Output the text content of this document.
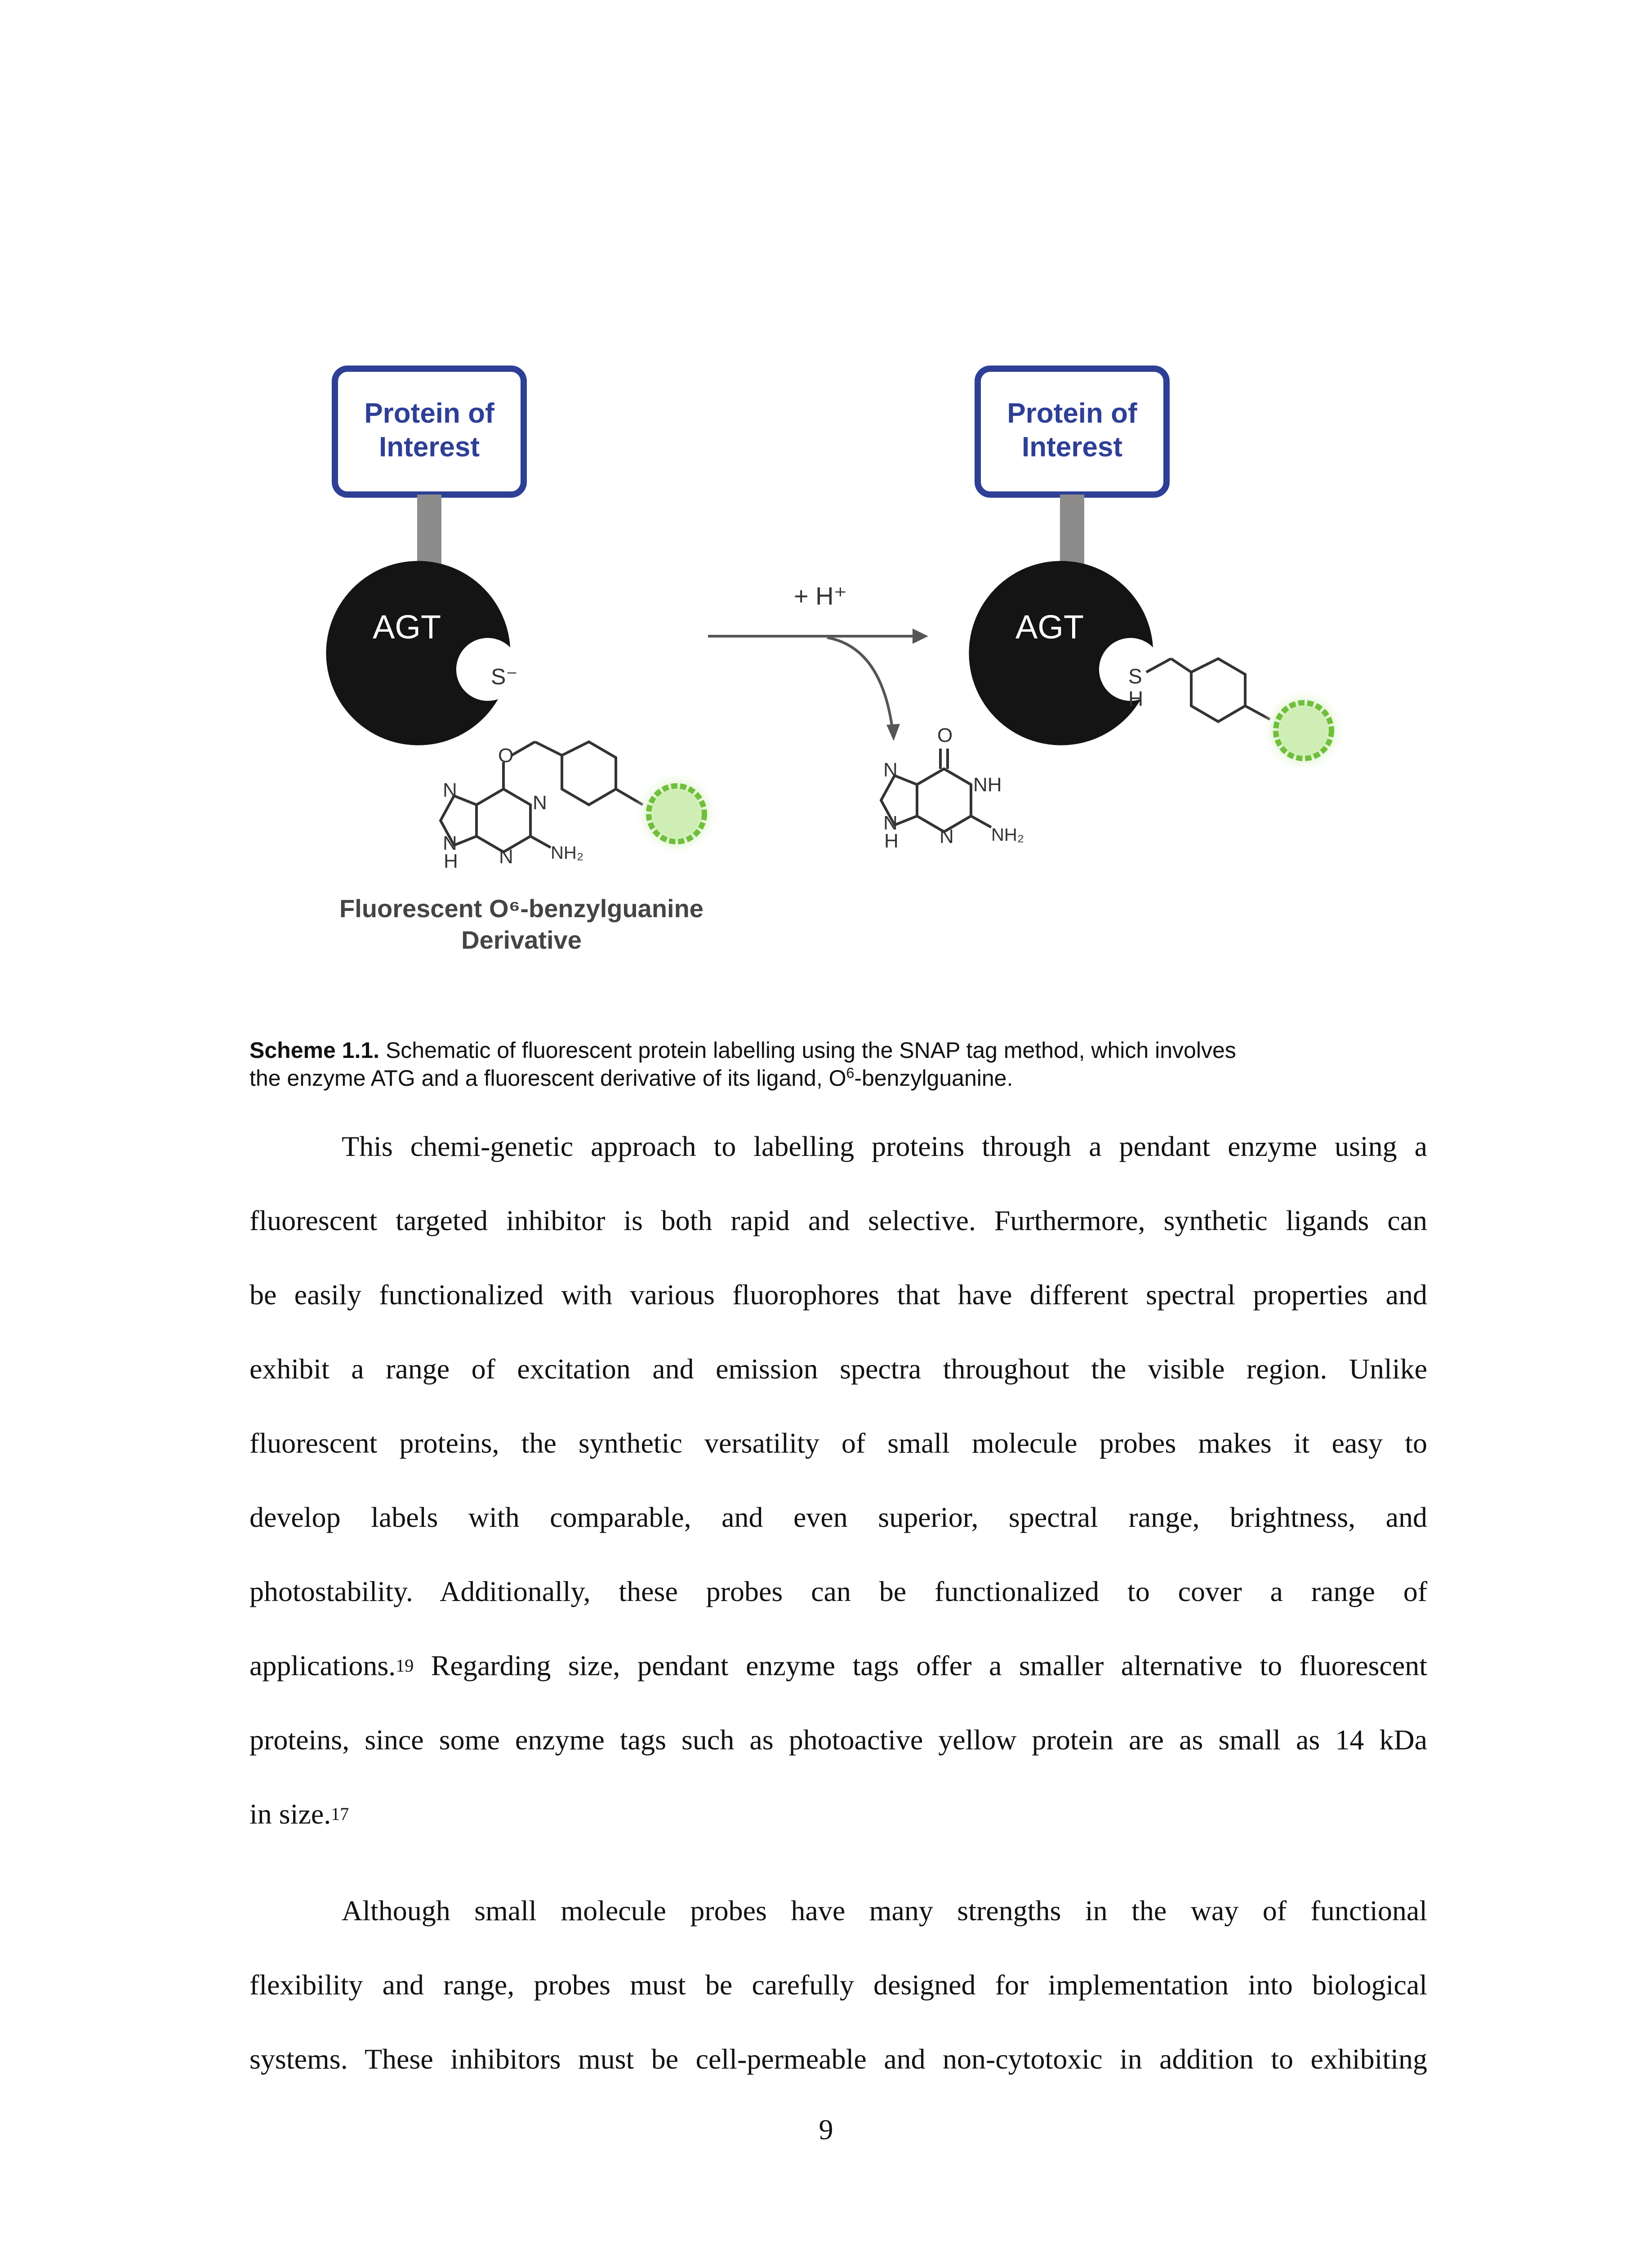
Protein of
Interest
AGT
S⁻
O
N
N
N
H N NH₂
Fluorescent O⁶-benzylguanine
Derivative
+ H⁺
Protein of
Interest
AGT
S
H
O
N
NH
N
H N NH₂
Scheme 1.1. Schematic of fluorescent protein labelling using the SNAP tag method, which involves
the enzyme ATG and a fluorescent derivative of its ligand, $O^6$-benzylguanine.
This chemi-genetic approach to labelling proteins through a pendant enzyme using a
fluorescent targeted inhibitor is both rapid and selective. Furthermore, synthetic ligands can
be easily functionalized with various fluorophores that have different spectral properties and
exhibit a range of excitation and emission spectra throughout the visible region. Unlike
fluorescent proteins, the synthetic versatility of small molecule probes makes it easy to
develop labels with comparable, and even superior, spectral range, brightness, and
photostability. Additionally, these probes can be functionalized to cover a range of
applications.$^{19}$ Regarding size, pendant enzyme tags offer a smaller alternative to fluorescent
proteins, since some enzyme tags such as photoactive yellow protein are as small as 14 kDa
in size.$^{17}$
Although small molecule probes have many strengths in the way of functional
flexibility and range, probes must be carefully designed for implementation into biological
systems. These inhibitors must be cell-permeable and non-cytotoxic in addition to exhibiting
9
